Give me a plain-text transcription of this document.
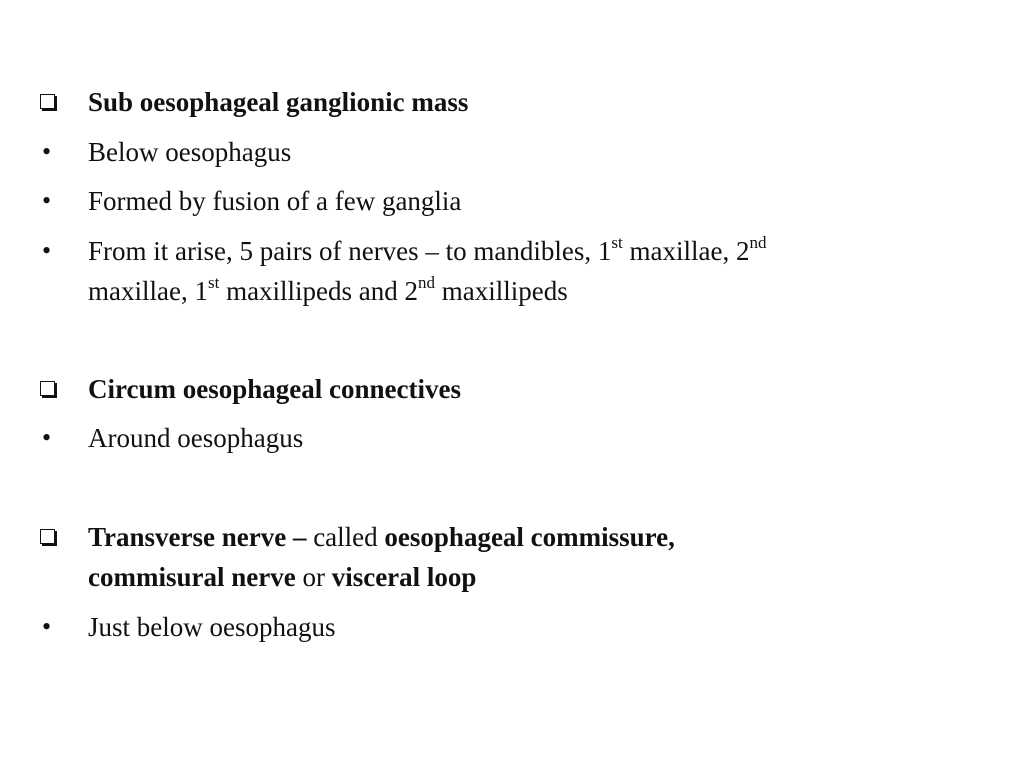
Sub oesophageal ganglionic mass
• Below oesophagus
• Formed by fusion of a few ganglia
• From it arise, 5 pairs of nerves – to mandibles, 1st maxillae, 2nd
maxillae, 1st maxillipeds and 2nd maxillipeds
Circum oesophageal connectives
• Around oesophagus
Transverse nerve – called oesophageal commissure,
commisural nerve or visceral loop
• Just below oesophagus
